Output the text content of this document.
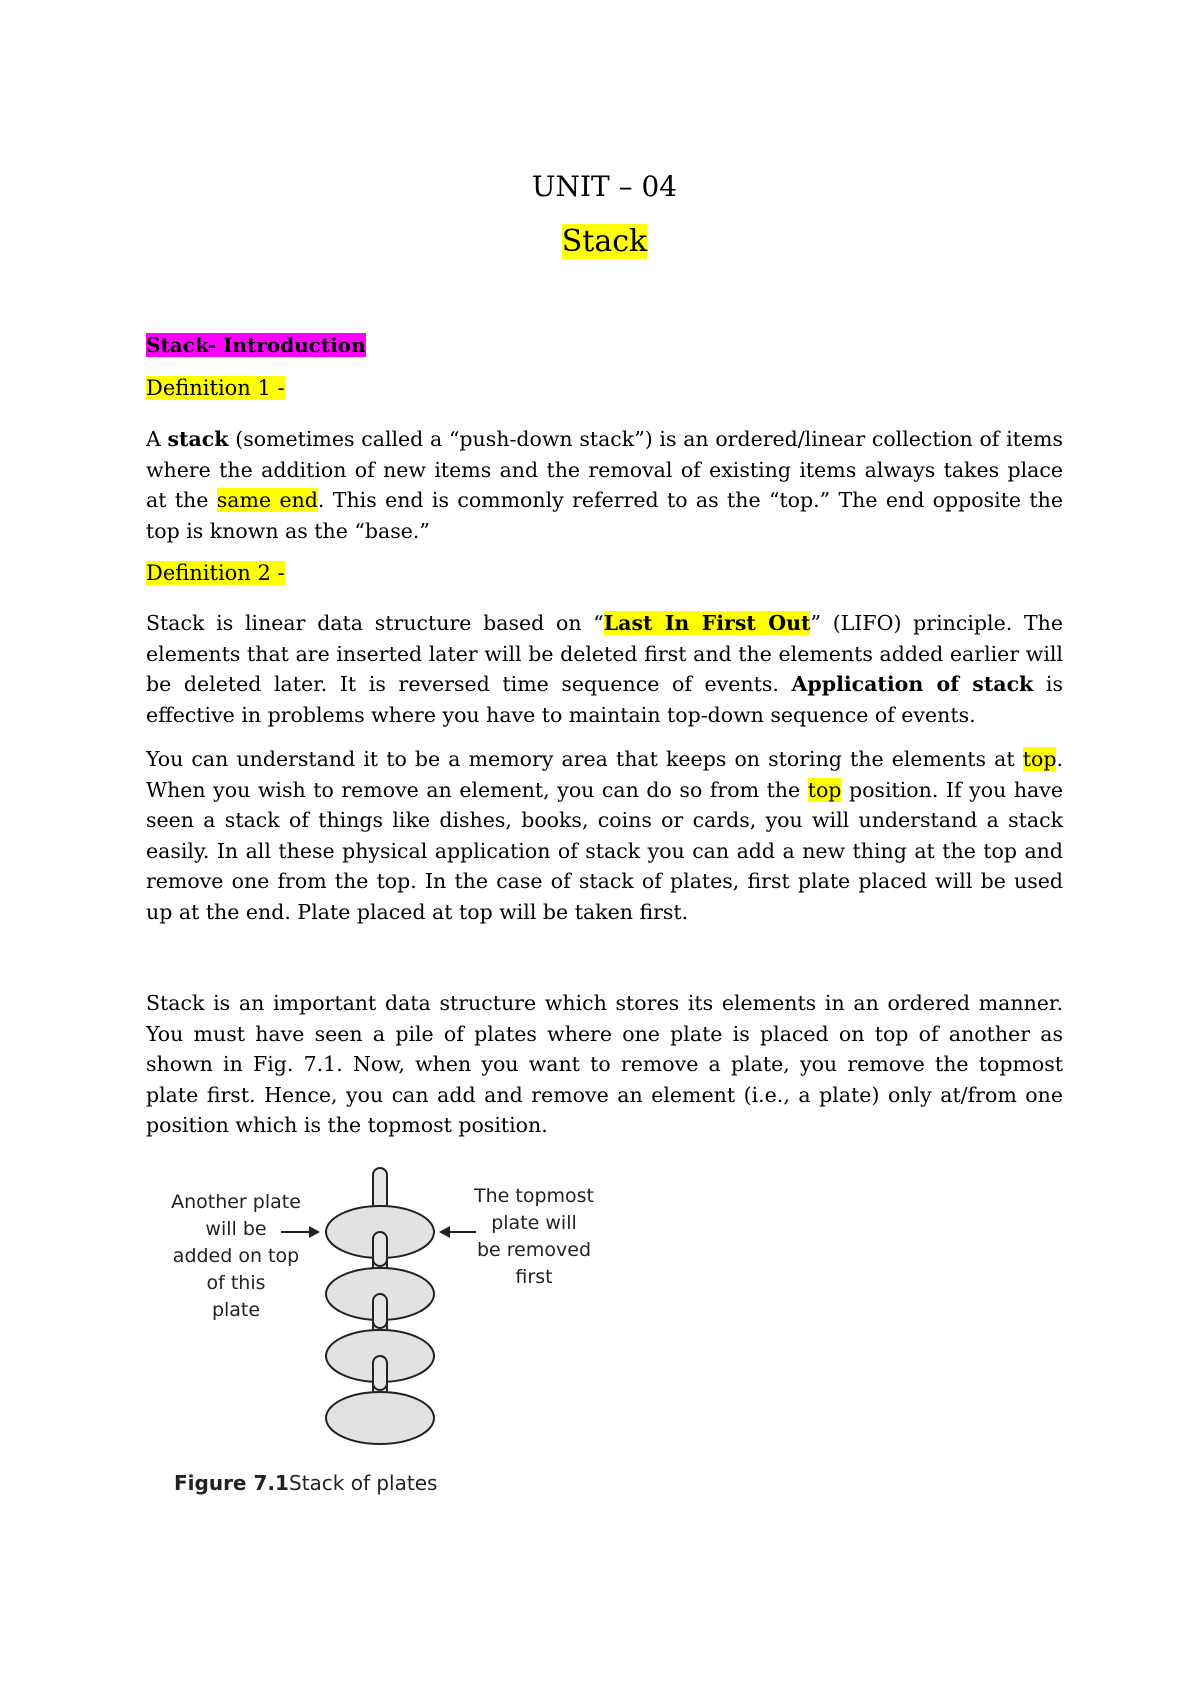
UNIT – 04
Stack
Stack- Introduction
Definition 1 -
A stack (sometimes called a “push-down stack”) is an ordered/linear collection of items where the addition of new items and the removal of existing items always takes place at the same end. This end is commonly referred to as the “top.” The end opposite the top is known as the “base.”
Definition 2 -
Stack is linear data structure based on “Last In First Out” (LIFO) principle. The elements that are inserted later will be deleted first and the elements added earlier will be deleted later. It is reversed time sequence of events. Application of stack is effective in problems where you have to maintain top-down sequence of events.
You can understand it to be a memory area that keeps on storing the elements at top. When you wish to remove an element, you can do so from the top position. If you have seen a stack of things like dishes, books, coins or cards, you will understand a stack easily. In all these physical application of stack you can add a new thing at the top and remove one from the top. In the case of stack of plates, first plate placed will be used up at the end. Plate placed at top will be taken first.
Stack is an important data structure which stores its elements in an ordered manner. You must have seen a pile of plates where one plate is placed on top of another as shown in Fig. 7.1. Now, when you want to remove a plate, you remove the topmost plate first. Hence, you can add and remove an element (i.e., a plate) only at/from one position which is the topmost position.
Another plate
will be
added on top
of this
plate
The topmost
plate will
be removed
first
Figure 7.1 Stack of plates
